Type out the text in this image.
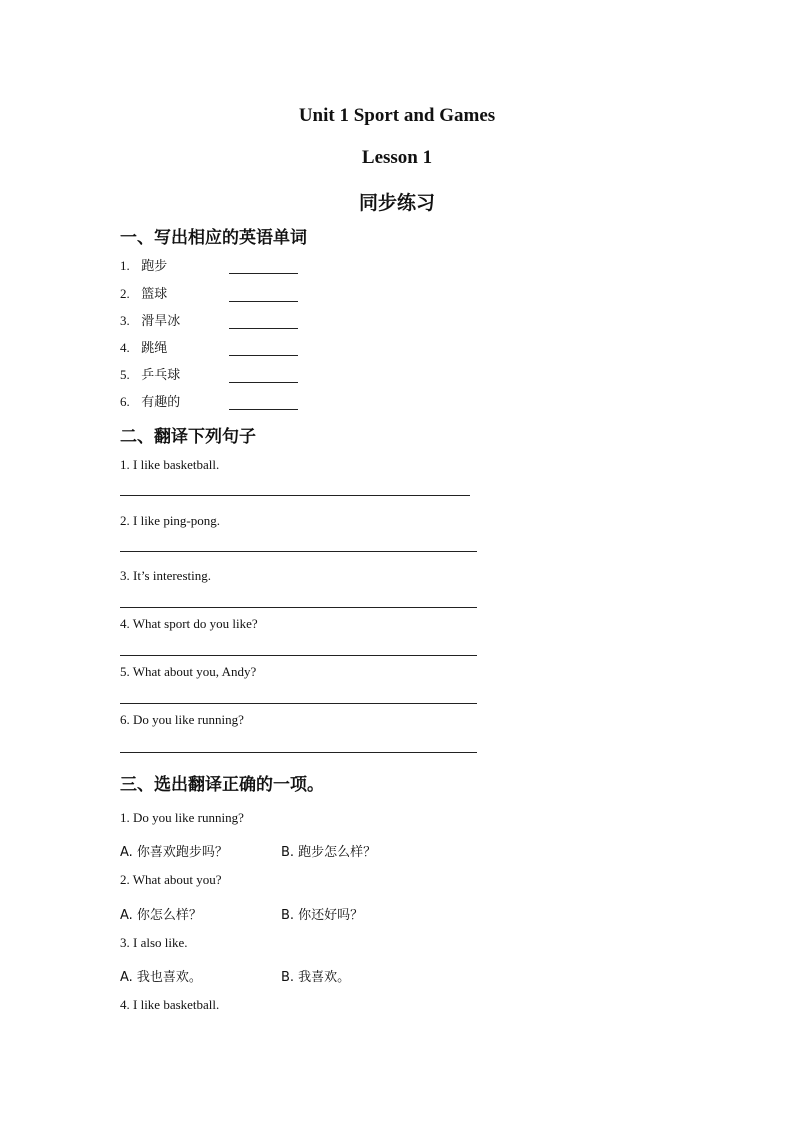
Unit 1 Sport and Games
Lesson 1
同步练习
一、写出相应的英语单词
1. 跑步
2. 篮球
3. 滑旱冰
4. 跳绳
5. 乒乓球
6. 有趣的
二、翻译下列句子
1. I like basketball.
2. I like ping-pong.
3. It’s interesting.
4. What sport do you like?
5. What about you, Andy?
6. Do you like running?
三、选出翻译正确的一项。
1. Do you like running?
A. 你喜欢跑步吗？	B. 跑步怎么样？
2. What about you?
A. 你怎么样？	B. 你还好吗？
3. I also like.
A. 我也喜欢。	B. 我喜欢。
4. I like basketball.
